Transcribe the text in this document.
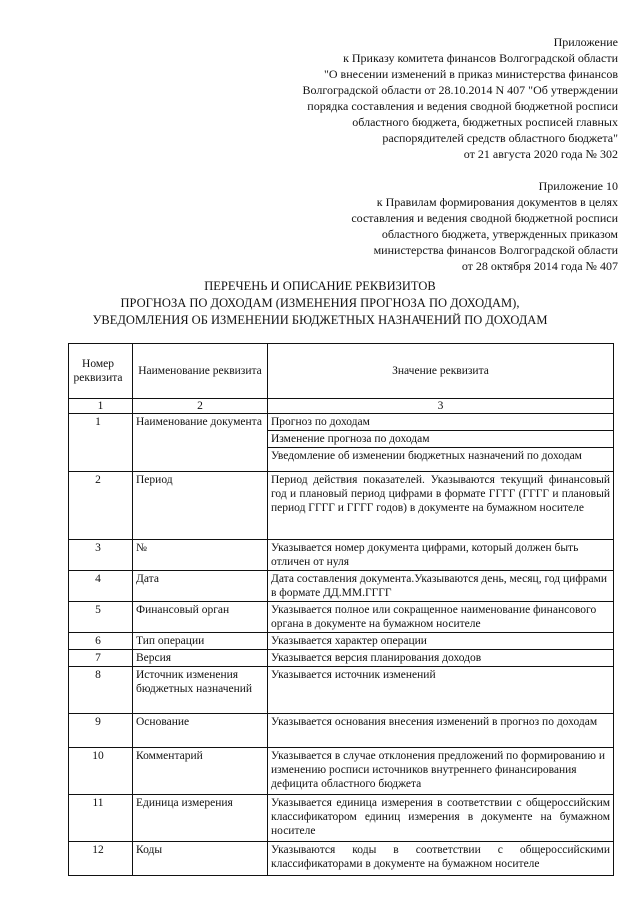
Приложение
к Приказу комитета финансов Волгоградской области
"О внесении изменений в приказ министерства финансов
Волгоградской области от 28.10.2014 N 407 "Об утверждении
порядка составления и ведения сводной бюджетной росписи
областного бюджета, бюджетных росписей главных
распорядителей средств областного бюджета"
от 21 августа 2020 года № 302
Приложение 10
к Правилам формирования документов в целях
составления и ведения сводной бюджетной росписи
областного бюджета, утвержденных приказом
министерства финансов Волгоградской области
от 28 октября 2014 года № 407
ПЕРЕЧЕНЬ И ОПИСАНИЕ РЕКВИЗИТОВ
ПРОГНОЗА ПО ДОХОДАМ (ИЗМЕНЕНИЯ ПРОГНОЗА ПО ДОХОДАМ),
УВЕДОМЛЕНИЯ ОБ ИЗМЕНЕНИИ БЮДЖЕТНЫХ НАЗНАЧЕНИЙ ПО ДОХОДАМ
Номер реквизита	Наименование реквизита	Значение реквизита
1	2	3
1	Наименование документа	Прогноз по доходам
Изменение прогноза по доходам
Уведомление об изменении бюджетных назначений по доходам

2	Период	Период действия показателей. Указываются текущий финансовый год и плановый период цифрами в формате ГГГГ (ГГГГ и плановый период ГГГГ и ГГГГ годов) в документе на бумажном носителе

3	№	Указывается номер документа цифрами, который должен быть отличен от нуля

4	Дата	Дата составления документа.Указываются день, месяц, год цифрами в формате ДД.ММ.ГГГГ

5	Финансовый орган	Указывается полное или сокращенное наименование финансового органа в документе на бумажном носителе

6	Тип операции	Указывается характер операции

7	Версия	Указывается версия планирования доходов

8	Источник изменения бюджетных назначений	Указывается источник изменений

9	Основание	Указывается основания внесения изменений в прогноз по доходам

10	Комментарий	Указывается в случае отклонения предложений по формированию и изменению росписи источников внутреннего финансирования дефицита областного бюджета

11	Единица измерения	Указывается единица измерения в соответствии с общероссийским классификатором единиц измерения в документе на бумажном носителе

12	Коды	Указываются коды в соответствии с общероссийскими классификаторами в документе на бумажном носителе
